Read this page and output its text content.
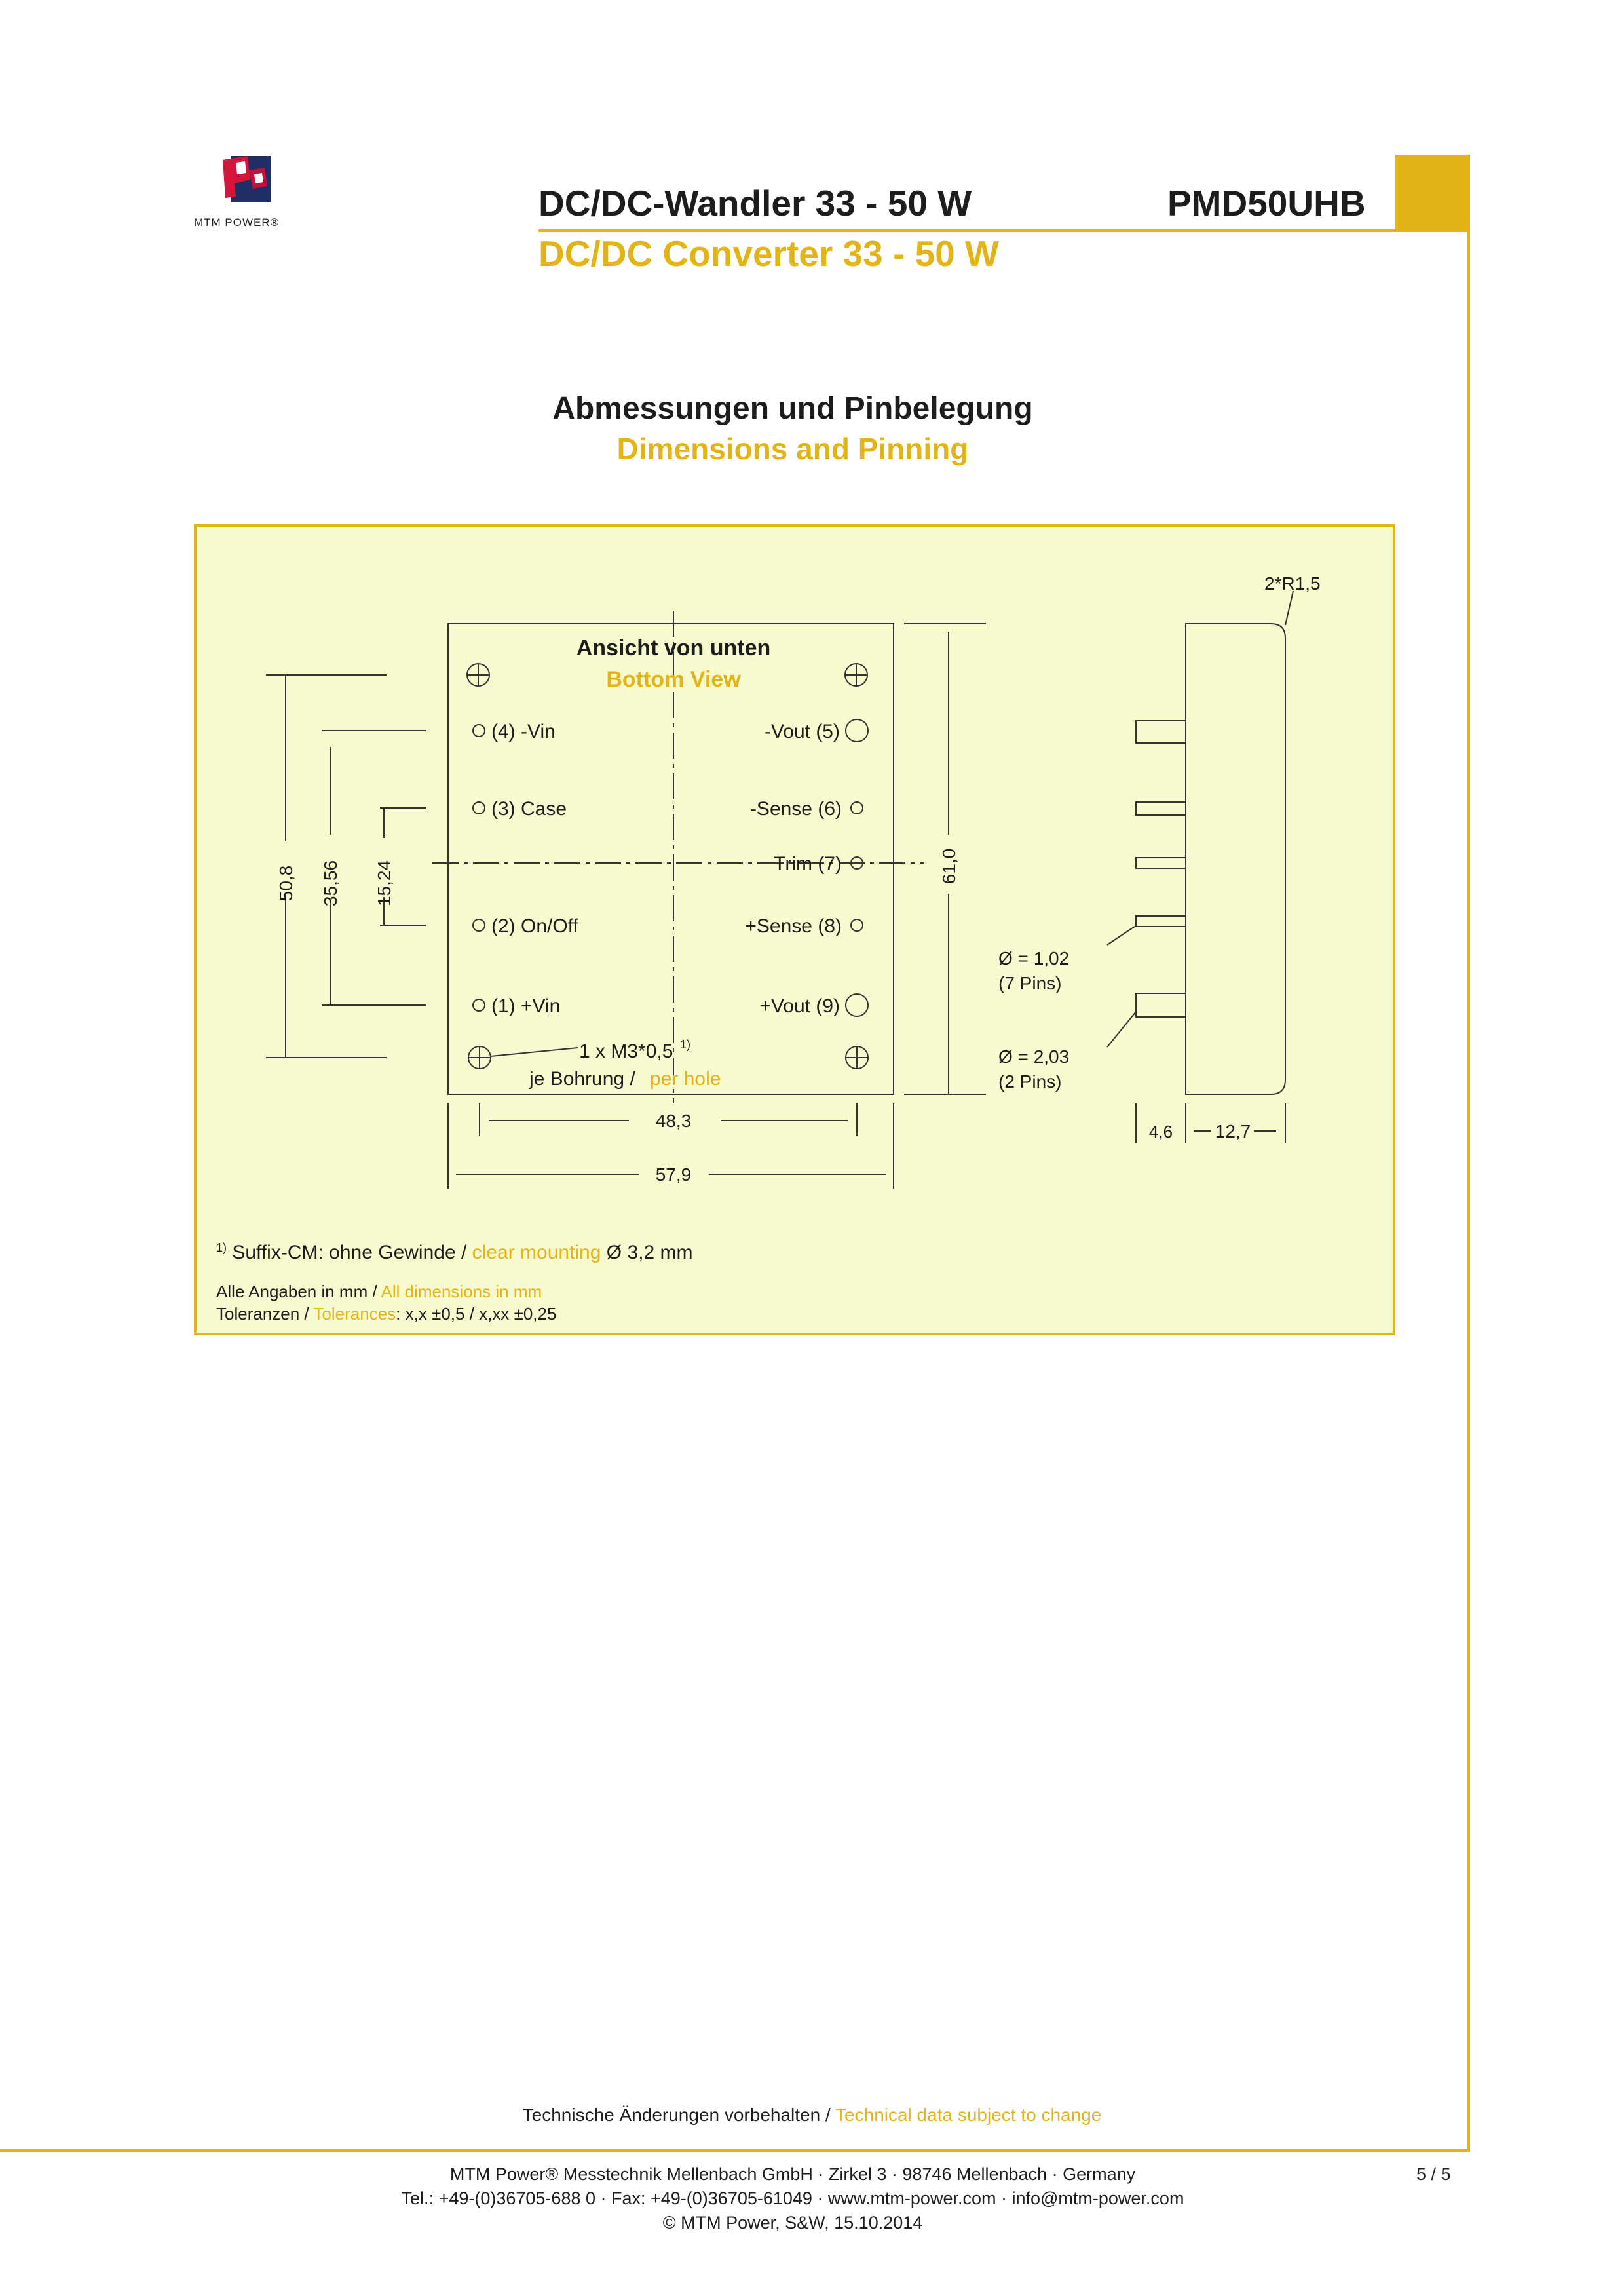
MTM POWER®	DC/DC-Wandler 33 - 50 W	PMD50UHB
DC/DC Converter 33 - 50 W
Abmessungen und Pinbelegung
Dimensions and Pinning
Ansicht von unten
Bottom View
(4) -Vin
(3) Case
(2) On/Off
(1) +Vin
-Vout (5)
-Sense (6)
Trim (7)
+Sense (8)
+Vout (9)
50,8 35,56 15,24	61,0
48,3
57,9
1 x M3*0,5 1)
je Bohrung / per hole
2*R1,5
Ø = 1,02
(7 Pins)
Ø = 2,03
(2 Pins)
4,6 12,7
$^{1)}$ Suffix-CM: ohne Gewinde / clear mounting Ø 3,2 mm
Alle Angaben in mm / All dimensions in mm
Toleranzen / Tolerances: x,x ±0,5 / x,xx ±0,25
Technische Änderungen vorbehalten / Technical data subject to change
MTM Power® Messtechnik Mellenbach GmbH · Zirkel 3 · 98746 Mellenbach · Germany
Tel.: +49-(0)36705-688 0 · Fax: +49-(0)36705-61049 · www.mtm-power.com · info@mtm-power.com
© MTM Power, S&W, 15.10.2014
5 / 5
